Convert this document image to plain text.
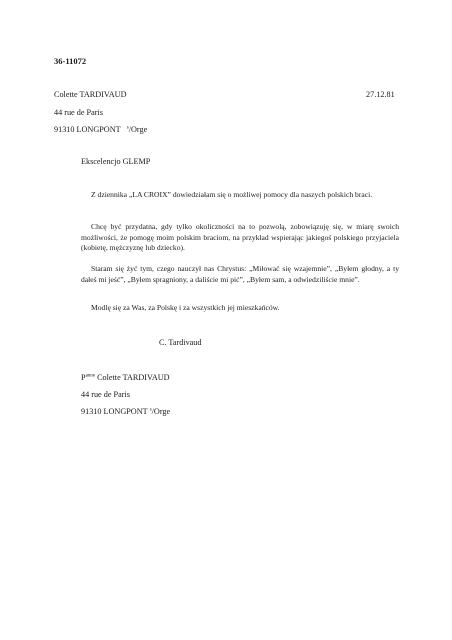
36-11072
Colette TARDIVAUD	27.12.81
44 rue de Paris
91310 LONGPONT $^s$/Orge
Ekscelencjo GLEMP
Z dziennika „LA CROIX” dowiedziałam się o możliwej pomocy dla naszych polskich braci.
Chcę być przydatna, gdy tylko okoliczności na to pozwolą, zobowiązuję się, w miarę swoich możliwości, że pomogę moim polskim braciom, na przykład wspierając jakiegoś polskiego przyjaciela (kobietę, mężczyznę lub dziecko).
Staram się żyć tym, czego nauczył nas Chrystus: „Miłować się wzajemnie”, „Byłem głodny, a ty dałeś mi jeść”, „Byłem spragniony, a daliście mi pić”, „Byłem sam, a odwiedziliście mnie”.
Modlę się za Was, za Polskę i za wszystkich jej mieszkańców.
C. Tardivaud
$P^{anne}$ Colette TARDIVAUD
44 rue de Paris
91310 LONGPONT $^s$/Orge
